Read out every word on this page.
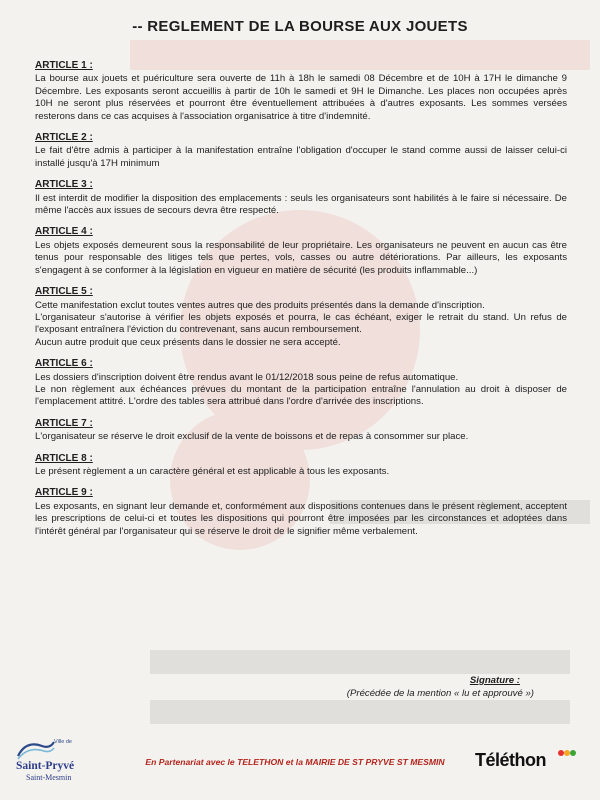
-- REGLEMENT DE LA BOURSE AUX JOUETS
ARTICLE 1 :

La bourse aux jouets et puériculture sera ouverte de 11h à 18h le samedi 08 Décembre et de 10H à 17H le dimanche 9 Décembre. Les exposants seront accueillis à partir de 10h le samedi et 9H le Dimanche. Les places non occupées après 10H ne seront plus réservées et pourront être éventuellement attribuées à d'autres exposants. Les sommes versées resterons dans ce cas acquises à l'association organisatrice à titre d'indemnité.

ARTICLE 2 :

Le fait d'être admis à participer à la manifestation entraîne l'obligation d'occuper le stand comme aussi de laisser celui-ci installé jusqu'à 17H minimum

ARTICLE 3 :

Il est interdit de modifier la disposition des emplacements : seuls les organisateurs sont habilités à le faire si nécessaire. De même l'accès aux issues de secours devra être respecté.

ARTICLE 4 :

Les objets exposés demeurent sous la responsabilité de leur propriétaire. Les organisateurs ne peuvent en aucun cas être tenus pour responsable des litiges tels que pertes, vols, casses ou autre détériorations. Par ailleurs, les exposants s'engagent à se conformer à la législation en vigueur en matière de sécurité (les produits inflammable...)

ARTICLE 5 :

Cette manifestation exclut toutes ventes autres que des produits présentés dans la demande d'inscription.

L'organisateur s'autorise à vérifier les objets exposés et pourra, le cas échéant, exiger le retrait du stand. Un refus de l'exposant entraînera l'éviction du contrevenant, sans aucun remboursement.

Aucun autre produit que ceux présents dans le dossier ne sera accepté.

ARTICLE 6 :

Les dossiers d'inscription doivent être rendus avant le 01/12/2018 sous peine de refus automatique.

Le non règlement aux échéances prévues du montant de la participation entraîne l'annulation au droit à disposer de l'emplacement attitré. L'ordre des tables sera attribué dans l'ordre d'arrivée des inscriptions.

ARTICLE 7 :

L'organisateur se réserve le droit exclusif de la vente de boissons et de repas à consommer sur place.

ARTICLE 8 :

Le présent règlement a un caractère général et est applicable à tous les exposants.

ARTICLE 9 :

Les exposants, en signant leur demande et, conformément aux dispositions contenues dans le présent règlement, acceptent les prescriptions de celui-ci et toutes les dispositions qui pourront être imposées par les circonstances et adoptées dans l'intérêt général par l'organisateur qui se réserve le droit de le signifier même verbalement.

Signature :
(Précédée de la mention « lu et approuvé »)
Ville de
Saint-Pryvé
Saint-Mesmin
En Partenariat avec le TELETHON et la MAIRIE DE ST PRYVE ST MESMIN	Téléthon
